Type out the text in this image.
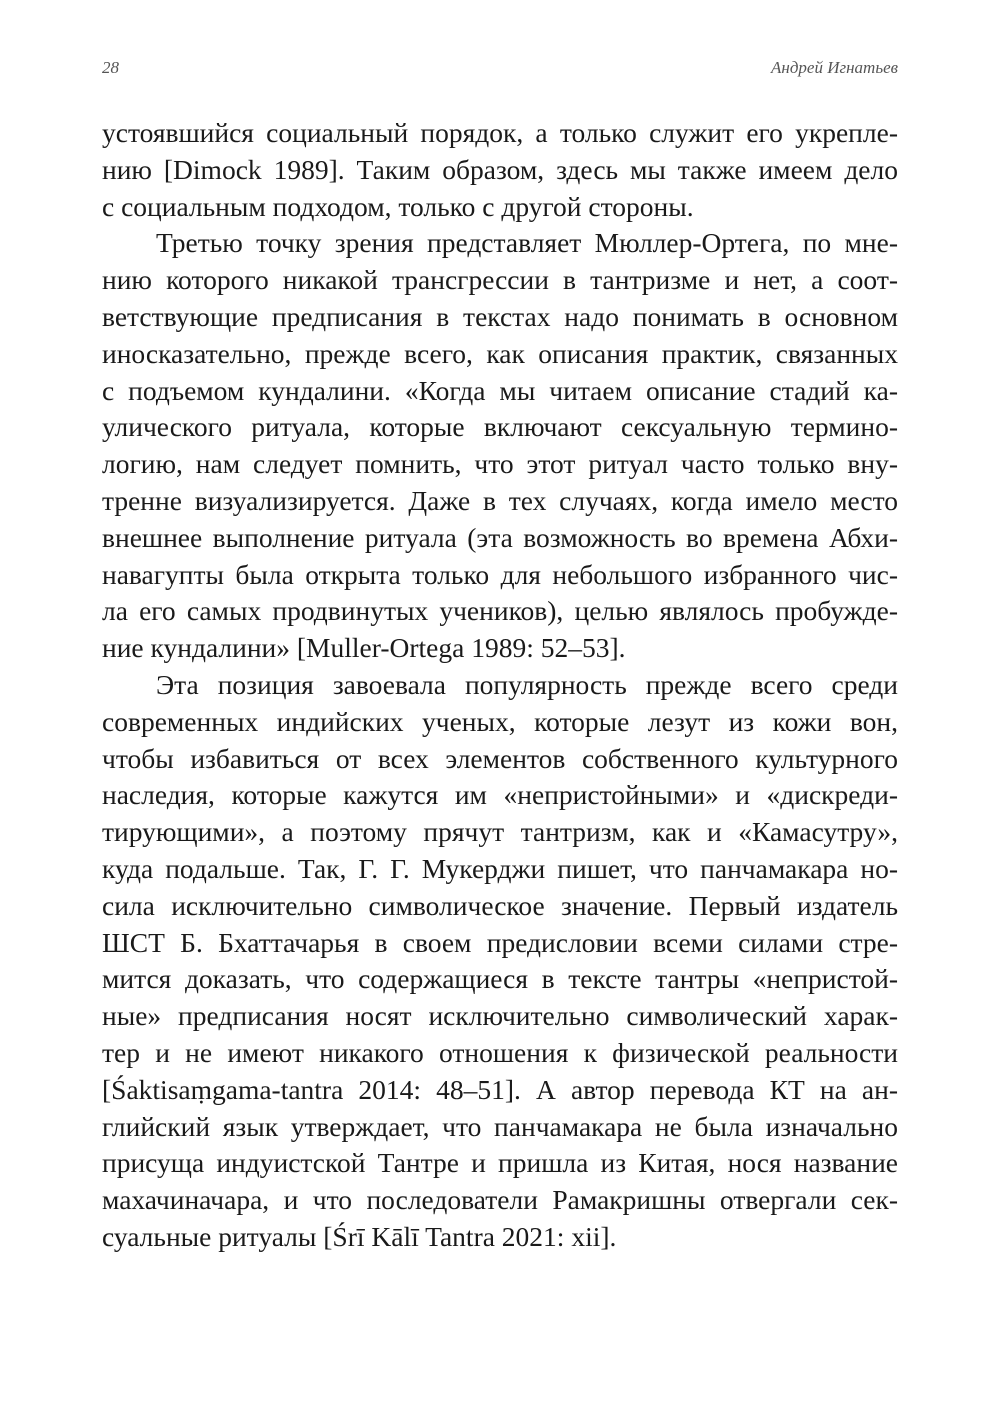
28	Андрей Игнатьев
устоявшийся социальный порядок, а только служит его укрепле-
нию [Dimock 1989]. Таким образом, здесь мы также имеем дело
с социальным подходом, только с другой стороны.
Третью точку зрения представляет Мюллер-Ортега, по мне-
нию которого никакой трансгрессии в тантризме и нет, а соот-
ветствующие предписания в текстах надо понимать в основном
иносказательно, прежде всего, как описания практик, связанных
с подъемом кундалини. «Когда мы читаем описание стадий ка-
улического ритуала, которые включают сексуальную термино-
логию, нам следует помнить, что этот ритуал часто только вну-
тренне визуализируется. Даже в тех случаях, когда имело место
внешнее выполнение ритуала (эта возможность во времена Абхи-
навагупты была открыта только для небольшого избранного чис-
ла его самых продвинутых учеников), целью являлось пробужде-
ние кундалини» [Muller-Ortega 1989: 52–53].
Эта позиция завоевала популярность прежде всего среди
современных индийских ученых, которые лезут из кожи вон,
чтобы избавиться от всех элементов собственного культурного
наследия, которые кажутся им «непристойными» и «дискреди-
тирующими», а поэтому прячут тантризм, как и «Камасутру»,
куда подальше. Так, Г. Г. Мукерджи пишет, что панчамакара но-
сила исключительно символическое значение. Первый издатель
ШСТ Б. Бхаттачарья в своем предисловии всеми силами стре-
мится доказать, что содержащиеся в тексте тантры «непристой-
ные» предписания носят исключительно символический харак-
тер и не имеют никакого отношения к физической реальности
[Śaktisaṃgama-tantra 2014: 48–51]. А автор перевода КТ на ан-
глийский язык утверждает, что панчамакара не была изначально
присуща индуистской Тантре и пришла из Китая, нося название
махачиначара, и что последователи Рамакришны отвергали сек-
суальные ритуалы [Śrī Kālī Tantra 2021: xii].
